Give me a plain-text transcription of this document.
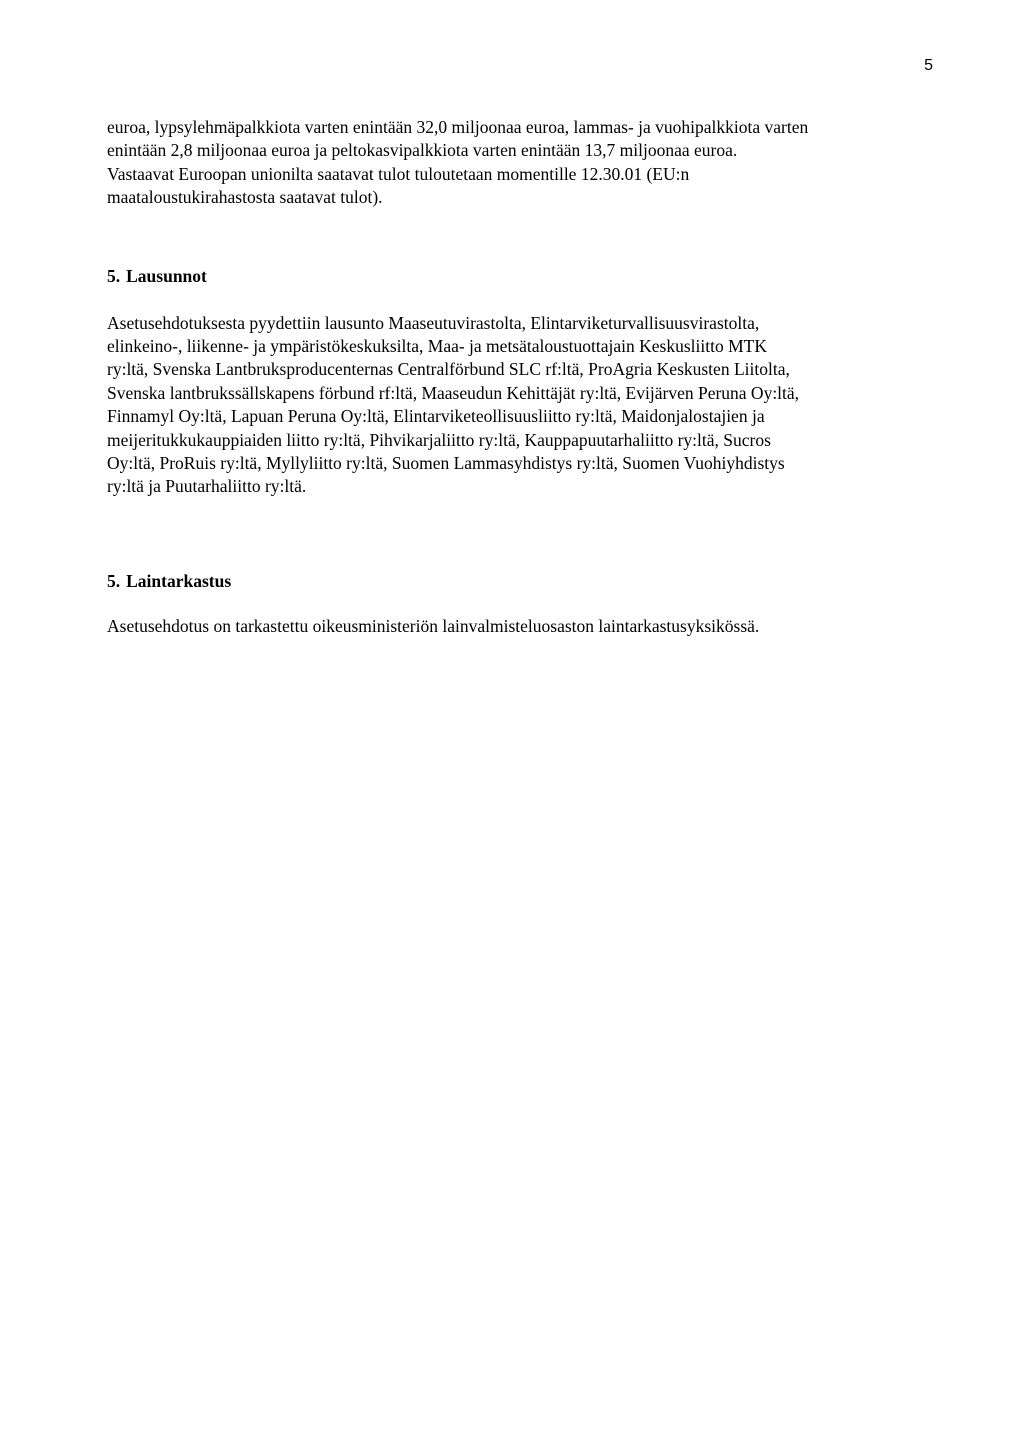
5

euroa, lypsylehmäpalkkiota varten enintään 32,0 miljoonaa euroa, lammas- ja vuohipalkkiota varten
enintään 2,8 miljoonaa euroa ja peltokasvipalkkiota varten enintään 13,7 miljoonaa euroa.
Vastaavat Euroopan unionilta saatavat tulot tuloutetaan momentille 12.30.01 (EU:n
maataloustukirahastosta saatavat tulot).

5. Lausunnot

Asetusehdotuksesta pyydettiin lausunto Maaseutuvirastolta, Elintarviketurvallisuusvirastolta,
elinkeino-, liikenne- ja ympäristökeskuksilta, Maa- ja metsätaloustuottajain Keskusliitto MTK
ry:ltä, Svenska Lantbruksproducenternas Centralförbund SLC rf:ltä, ProAgria Keskusten Liitolta,
Svenska lantbrukssällskapens förbund rf:ltä, Maaseudun Kehittäjät ry:ltä, Evijärven Peruna Oy:ltä,
Finnamyl Oy:ltä, Lapuan Peruna Oy:ltä, Elintarviketeollisuusliitto ry:ltä, Maidonjalostajien ja
meijeritukkukauppiaiden liitto ry:ltä, Pihvikarjaliitto ry:ltä, Kauppapuutarhaliitto ry:ltä, Sucros
Oy:ltä, ProRuis ry:ltä, Myllyliitto ry:ltä, Suomen Lammasyhdistys ry:ltä, Suomen Vuohiyhdistys
ry:ltä ja Puutarhaliitto ry:ltä.

5. Laintarkastus

Asetusehdotus on tarkastettu oikeusministeriön lainvalmisteluosaston laintarkastusyksikössä.
